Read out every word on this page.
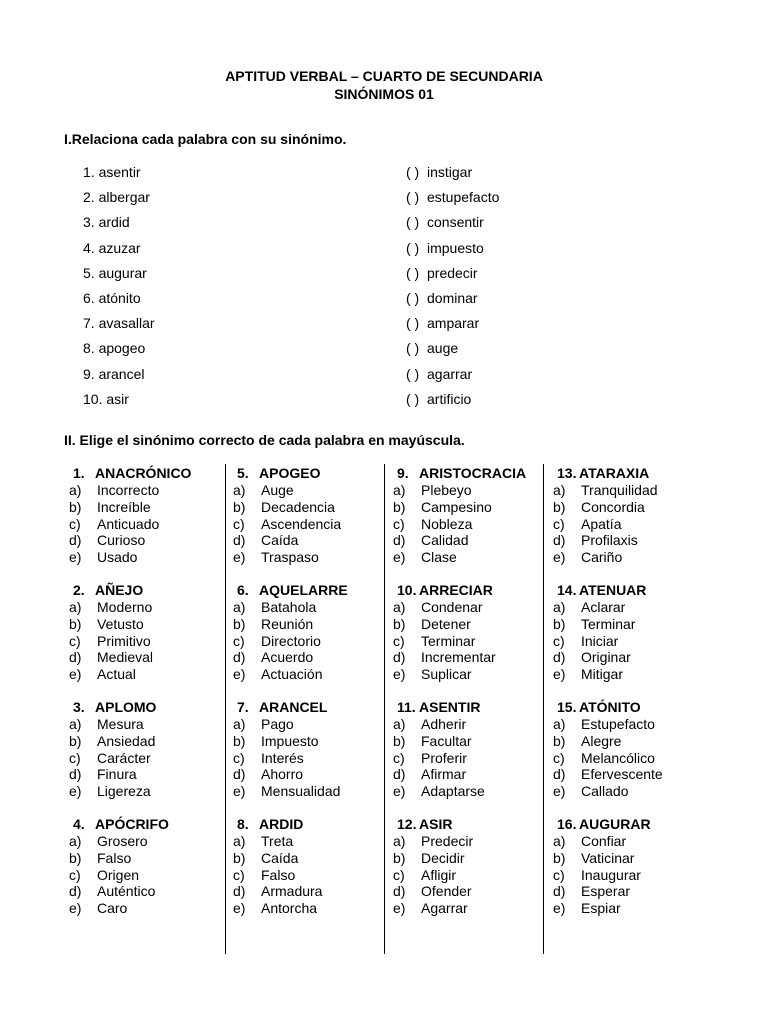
APTITUD VERBAL – CUARTO DE SECUNDARIA
SINÓNIMOS 01
I.Relaciona cada palabra con su sinónimo.
1. asentir	( ) instigar
2. albergar	( ) estupefacto
3. ardid	( ) consentir
4. azuzar	( ) impuesto
5. augurar	( ) predecir
6. atónito	( ) dominar
7. avasallar	( ) amparar
8. apogeo	( ) auge
9. arancel	( ) agarrar
10. asir	( ) artificio
II. Elige el sinónimo correcto de cada palabra en mayúscula.
1. ANACRÓNICO
a) Incorrecto
b) Increíble
c) Anticuado
d) Curioso
e) Usado
2. AÑEJO
a) Moderno
b) Vetusto
c) Primitivo
d) Medieval
e) Actual
3. APLOMO
a) Mesura
b) Ansiedad
c) Carácter
d) Finura
e) Ligereza
4. APÓCRIFO
a) Grosero
b) Falso
c) Origen
d) Auténtico
e) Caro
5. APOGEO
a) Auge
b) Decadencia
c) Ascendencia
d) Caída
e) Traspaso
6. AQUELARRE
a) Batahola
b) Reunión
c) Directorio
d) Acuerdo
e) Actuación
7. ARANCEL
a) Pago
b) Impuesto
c) Interés
d) Ahorro
e) Mensualidad
8. ARDID
a) Treta
b) Caída
c) Falso
d) Armadura
e) Antorcha
9. ARISTOCRACIA
a) Plebeyo
b) Campesino
c) Nobleza
d) Calidad
e) Clase
10. ARRECIAR
a) Condenar
b) Detener
c) Terminar
d) Incrementar
e) Suplicar
11. ASENTIR
a) Adherir
b) Facultar
c) Proferir
d) Afirmar
e) Adaptarse
12. ASIR
a) Predecir
b) Decidir
c) Afligir
d) Ofender
e) Agarrar
13. ATARAXIA
a) Tranquilidad
b) Concordia
c) Apatía
d) Profilaxis
e) Cariño
14. ATENUAR
a) Aclarar
b) Terminar
c) Iniciar
d) Originar
e) Mitigar
15. ATÓNITO
a) Estupefacto
b) Alegre
c) Melancólico
d) Efervescente
e) Callado
16. AUGURAR
a) Confiar
b) Vaticinar
c) Inaugurar
d) Esperar
e) Espiar
